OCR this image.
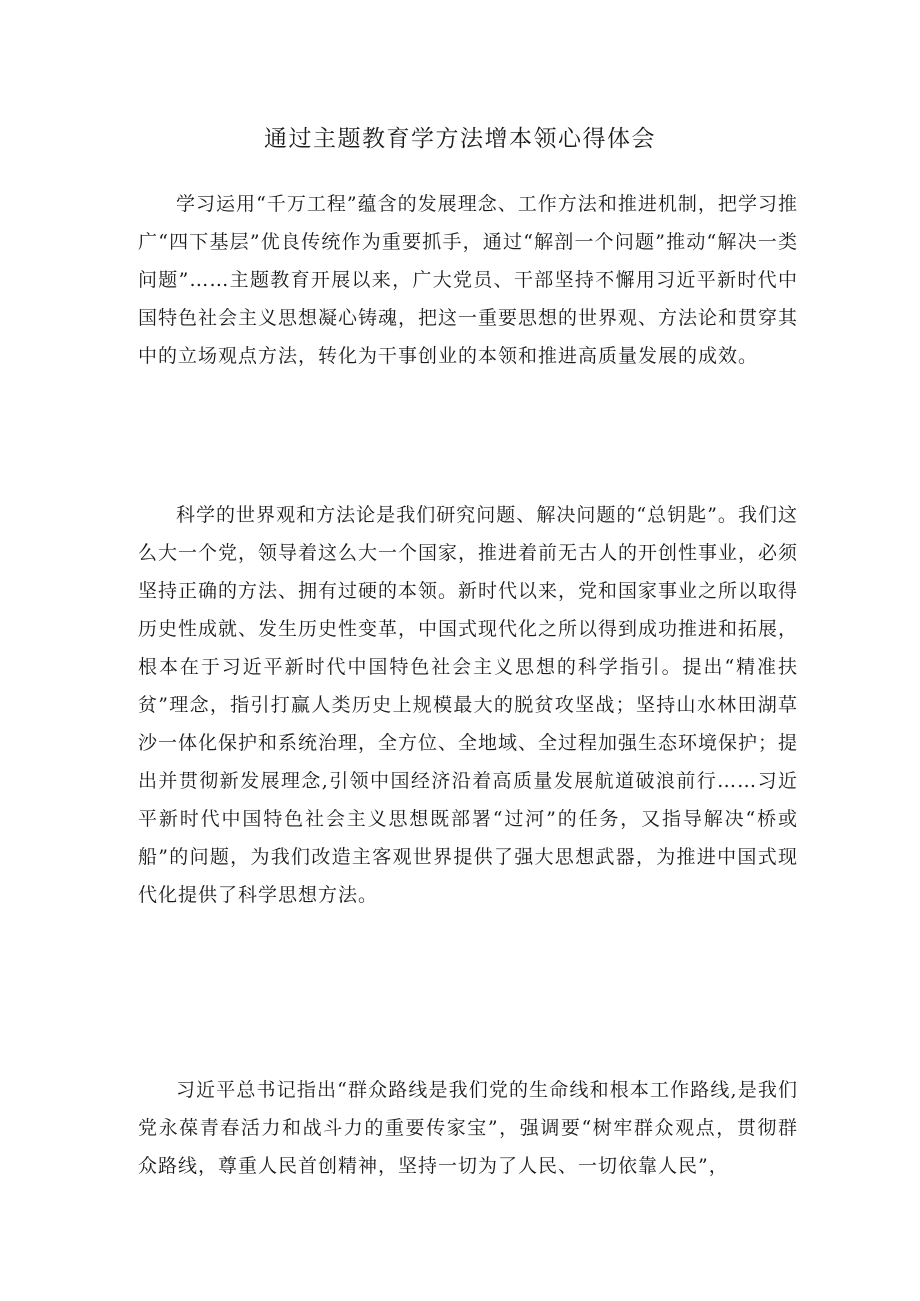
通过主题教育学方法增本领心得体会

学习运用“千万工程”蕴含的发展理念、工作方法和推进机制，把学习推广“四下基层”优良传统作为重要抓手，通过“解剖一个问题”推动“解决一类问题”……主题教育开展以来，广大党员、干部坚持不懈用习近平新时代中国特色社会主义思想凝心铸魂，把这一重要思想的世界观、方法论和贯穿其中的立场观点方法，转化为干事创业的本领和推进高质量发展的成效。

科学的世界观和方法论是我们研究问题、解决问题的“总钥匙”。我们这么大一个党，领导着这么大一个国家，推进着前无古人的开创性事业，必须坚持正确的方法、拥有过硬的本领。新时代以来，党和国家事业之所以取得历史性成就、发生历史性变革，中国式现代化之所以得到成功推进和拓展，根本在于习近平新时代中国特色社会主义思想的科学指引。提出“精准扶贫”理念，指引打赢人类历史上规模最大的脱贫攻坚战；坚持山水林田湖草沙一体化保护和系统治理，全方位、全地域、全过程加强生态环境保护；提出并贯彻新发展理念,引领中国经济沿着高质量发展航道破浪前行……习近平新时代中国特色社会主义思想既部署“过河”的任务，又指导解决“桥或船”的问题，为我们改造主客观世界提供了强大思想武器，为推进中国式现代化提供了科学思想方法。

习近平总书记指出“群众路线是我们党的生命线和根本工作路线,是我们党永葆青春活力和战斗力的重要传家宝”，强调要“树牢群众观点，贯彻群众路线，尊重人民首创精神，坚持一切为了人民、一切依靠人民”，
